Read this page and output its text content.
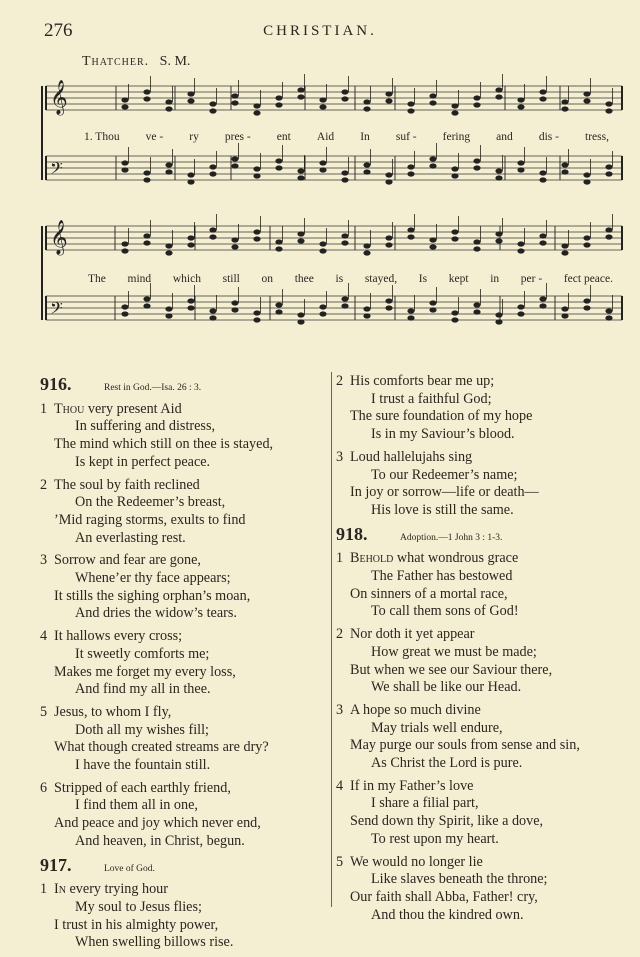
276	CHRISTIAN.
Thatcher. S. M.
𝄞
𝄢
𝄞
𝄢
1. Thou ve - ry pres - ent Aid In suf - fering and dis - tress,
The mind which still on thee is stayed, Is kept in per - fect peace.
916.	Rest in God.—Isa. 26 : 3.
1 Thou very present Aid
In suffering and distress,
The mind which still on thee is stayed,
Is kept in perfect peace.
2 The soul by faith reclined
On the Redeemer’s breast,
’Mid raging storms, exults to find
An everlasting rest.
3 Sorrow and fear are gone,
Whene’er thy face appears;
It stills the sighing orphan’s moan,
And dries the widow’s tears.
4 It hallows every cross;
It sweetly comforts me;
Makes me forget my every loss,
And find my all in thee.
5 Jesus, to whom I fly,
Doth all my wishes fill;
What though created streams are dry?
I have the fountain still.
6 Stripped of each earthly friend,
I find them all in one,
And peace and joy which never end,
And heaven, in Christ, begun.
917.	Love of God.
1 In every trying hour
My soul to Jesus flies;
I trust in his almighty power,
When swelling billows rise.
2 His comforts bear me up;
I trust a faithful God;
The sure foundation of my hope
Is in my Saviour’s blood.
3 Loud hallelujahs sing
To our Redeemer’s name;
In joy or sorrow—life or death—
His love is still the same.
918.	Adoption.—1 John 3 : 1-3.
1 Behold what wondrous grace
The Father has bestowed
On sinners of a mortal race,
To call them sons of God!
2 Nor doth it yet appear
How great we must be made;
But when we see our Saviour there,
We shall be like our Head.
3 A hope so much divine
May trials well endure,
May purge our souls from sense and sin,
As Christ the Lord is pure.
4 If in my Father’s love
I share a filial part,
Send down thy Spirit, like a dove,
To rest upon my heart.
5 We would no longer lie
Like slaves beneath the throne;
Our faith shall Abba, Father! cry,
And thou the kindred own.
